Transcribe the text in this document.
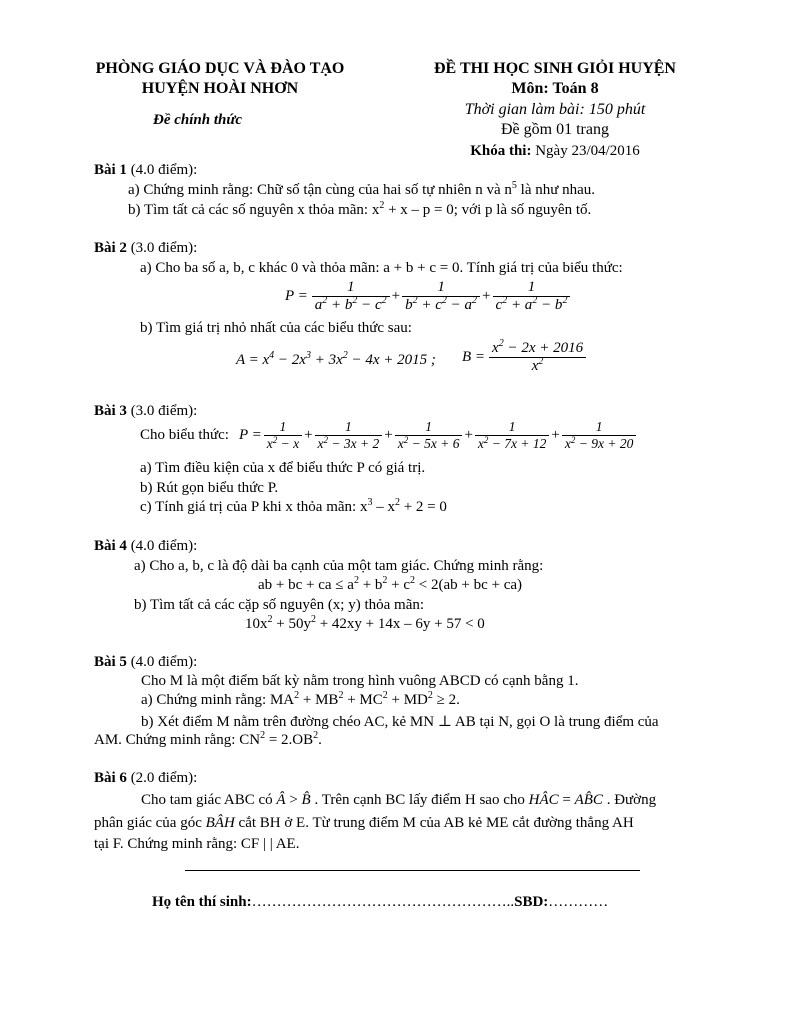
PHÒNG GIÁO DỤC VÀ ĐÀO TẠO
HUYỆN HOÀI NHƠN
Đề chính thức
ĐỀ THI HỌC SINH GIỎI HUYỆN
Môn: Toán 8
Thời gian làm bài: 150 phút
Đề gồm 01 trang
Khóa thi: Ngày 23/04/2016
Bài 1 (4.0 điểm):
a) Chứng minh rằng: Chữ số tận cùng của hai số tự nhiên n và $n^5$ là như nhau.
b) Tìm tất cả các số nguyên x thỏa mãn: $x^2 + x - p = 0$; với p là số nguyên tố.
Bài 2 (3.0 điểm):
a) Cho ba số a, b, c khác 0 và thỏa mãn: a + b + c = 0. Tính giá trị của biểu thức:
$P = \frac{1}{a^2 + b^2 - c^2} + \frac{1}{b^2 + c^2 - a^2} + \frac{1}{c^2 + a^2 - b^2}$
b) Tìm giá trị nhỏ nhất của các biểu thức sau:
$A = x^4 - 2x^3 + 3x^2 - 4x + 2015$ ; $B = \frac{x^2 - 2x + 2016}{x^2}$
Bài 3 (3.0 điểm):
Cho biểu thức: $P = \frac{1}{x^2 - x} + \frac{1}{x^2 - 3x + 2} + \frac{1}{x^2 - 5x + 6} + \frac{1}{x^2 - 7x + 12} + \frac{1}{x^2 - 9x + 20}$
a) Tìm điều kiện của x để biểu thức P có giá trị.
b) Rút gọn biểu thức P.
c) Tính giá trị của P khi x thỏa mãn: $x^3 - x^2 + 2 = 0$
Bài 4 (4.0 điểm):
a) Cho a, b, c là độ dài ba cạnh của một tam giác. Chứng minh rằng:
ab + bc + ca ≤ $a^2 + b^2 + c^2 < 2(ab$ + bc + ca)
b) Tìm tất cả các cặp số nguyên (x; y) thỏa mãn:
$10x^2 + 50y^2 + 42xy + 14x - 6y + 57 < 0$
Bài 5 (4.0 điểm):
Cho M là một điểm bất kỳ nằm trong hình vuông ABCD có cạnh bằng 1.
a) Chứng minh rằng: $MA^2 + MB^2 + MC^2 + MD^2 \ge 2$.
b) Xét điểm M nằm trên đường chéo AC, kẻ MN ⊥ AB tại N, gọi O là trung điểm của
AM. Chứng minh rằng: $CN^2 = 2.OB^2$.
Bài 6 (2.0 điểm):
Cho tam giác ABC có Â > B̂ . Trên cạnh BC lấy điểm H sao cho HÂC = AB̂C . Đường
phân giác của góc BÂH cắt BH ở E. Từ trung điểm M của AB kẻ ME cắt đường thẳng AH
tại F. Chứng minh rằng: CF | | AE.
Họ tên thí sinh:……………………………………………..SBD:…………
